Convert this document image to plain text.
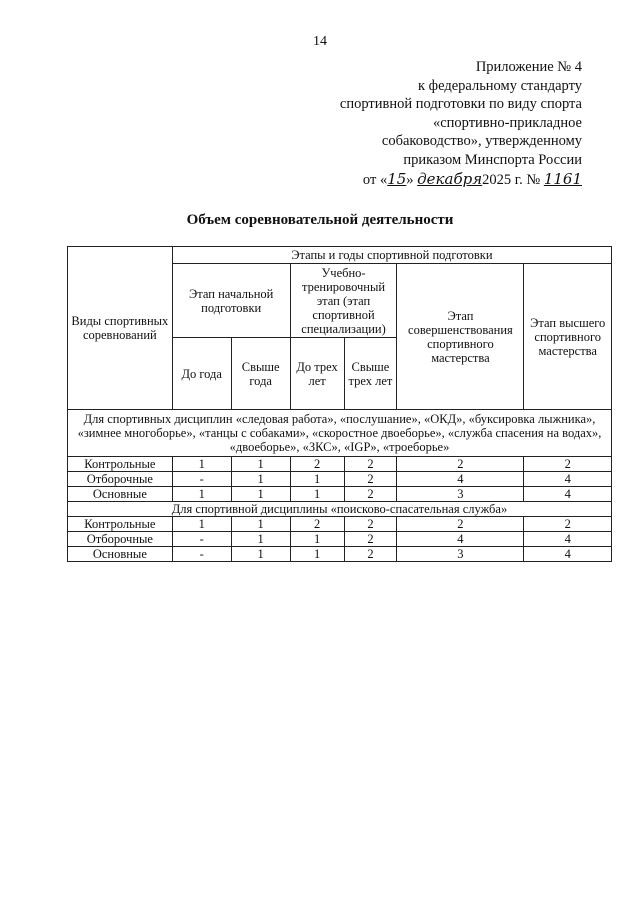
14
Приложение № 4
к федеральному стандарту
спортивной подготовки по виду спорта
«спортивно-прикладное
собаководство», утвержденному
приказом Минспорта России
от «15» декабря2025 г. № 1161
Объем соревновательной деятельности
Виды спортивных соревнований	Этапы и годы спортивной подготовки					
	Этап начальной подготовки		Учебно-тренировочный этап (этап спортивной специализации)		Этап совершенствования спортивного мастерства	Этап высшего спортивного мастерства
	До года	Свыше года	До трех лет	Свыше трех лет		
Для спортивных дисциплин «следовая работа», «послушание», «ОКД», «буксировка лыжника», «зимнее многоборье», «танцы с собаками», «скоростное двоеборье», «служба спасения на водах», «двоеборье», «ЗКС», «IGP», «троеборье»						
Контрольные	1	1	2	2	2	2
Отборочные	-	1	1	2	4	4
Основные	1	1	1	2	3	4
Для спортивной дисциплины «поисково-спасательная служба»						
Контрольные	1	1	2	2	2	2
Отборочные	-	1	1	2	4	4
Основные	-	1	1	2	3	4
